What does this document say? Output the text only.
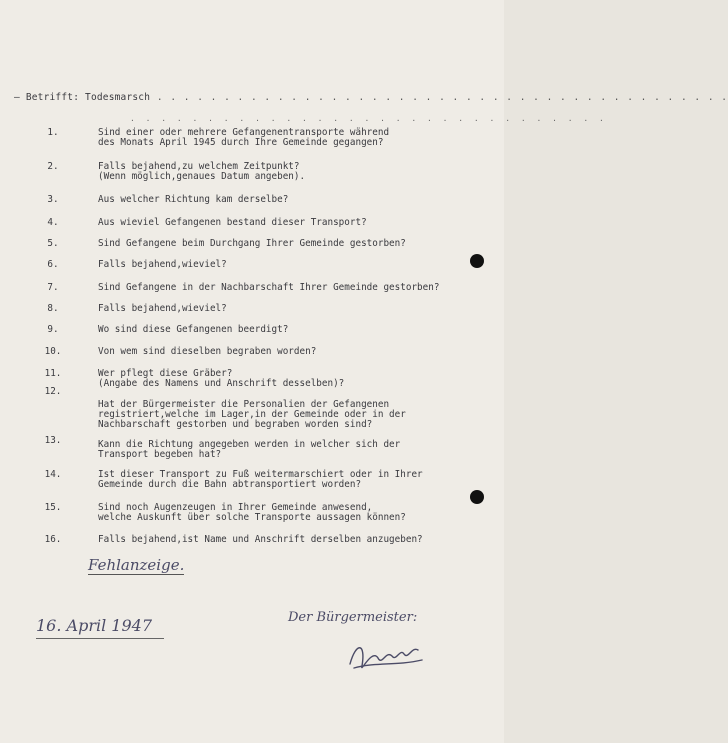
— Betrifft: Todesmarsch . . . . . . . . . . . . . . . . . . . . . . . . . . . . . . . . . . . . . . . . . . .
. . . . . . . . . . . . . . . . . . . . . . . . . . . . . . .
1.	Sind einer oder mehrere Gefangenentransporte während
des Monats April 1945 durch Ihre Gemeinde gegangen?
2.	Falls bejahend,zu welchem Zeitpunkt?
(Wenn möglich,genaues Datum angeben).
3.	Aus welcher Richtung kam derselbe?
4.	Aus wieviel Gefangenen bestand dieser Transport?
5.	Sind Gefangene beim Durchgang Ihrer Gemeinde gestorben?
6.	Falls bejahend,wieviel?
7.	Sind Gefangene in der Nachbarschaft Ihrer Gemeinde gestorben?
8.	Falls bejahend,wieviel?
9.	Wo sind diese Gefangenen beerdigt?
10.	Von wem sind dieselben begraben worden?
11.	Wer pflegt diese Gräber?
(Angabe des Namens und Anschrift desselben)?
12.
Hat der Bürgermeister die Personalien der Gefangenen
registriert,welche im Lager,in der Gemeinde oder in der
Nachbarschaft gestorben und begraben worden sind?
13.	Kann die Richtung angegeben werden in welcher sich der
Transport begeben hat?
14.	Ist dieser Transport zu Fuß weitermarschiert oder in Ihrer
Gemeinde durch die Bahn abtransportiert worden?
15.	Sind noch Augenzeugen in Ihrer Gemeinde anwesend,
welche Auskunft über solche Transporte aussagen können?
16.	Falls bejahend,ist Name und Anschrift derselben anzugeben?
Fehlanzeige.
16. April 1947	Der Bürgermeister:
